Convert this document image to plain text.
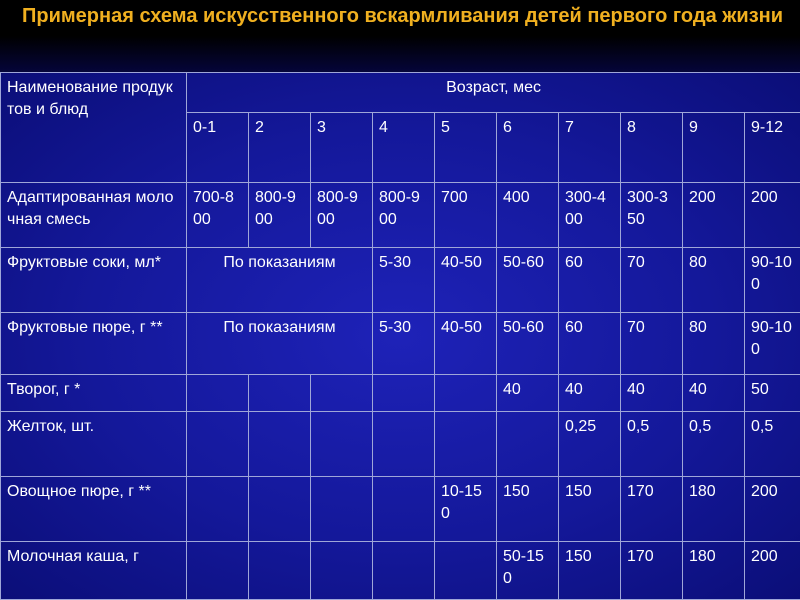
Примерная схема искусственного вскармливания детей первого года жизни
Наименование продуктов и блюд	Возраст, мес									
	0-1	2	3	4	5	6	7	8	9	9-12
Адаптированная молочная смесь	700-800	800-900	800-900	800-900	700	400	300-400	300-350	200	200
Фруктовые соки, мл*	По показаниям			5-30	40-50	50-60	60	70	80	90-100
Фруктовые пюре, г **	По показаниям			5-30	40-50	50-60	60	70	80	90-100
Творог, г *						40	40	40	40	50
Желток, шт.							0,25	0,5	0,5	0,5
Овощное пюре, г **					10-150	150	150	170	180	200
Молочная каша, г						50-150	150	170	180	200
